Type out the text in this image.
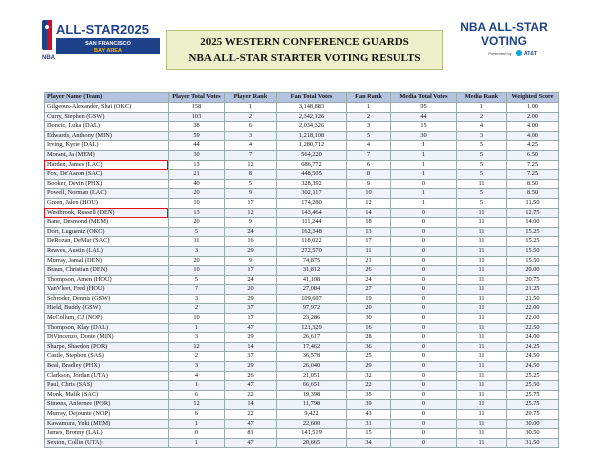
NBA
ALL-STAR 2025
SAN FRANCISCO
BAY AREA
2025 WESTERN CONFERENCE GUARDS
NBA ALL-STAR STARTER VOTING RESULTS
NBA ALL-STAR
VOTING
Presented by AT&T
Player Name (Team)	Player Total Votes	Player Rank	Fan Total Votes	Fan Rank	Media Total Votes	Media Rank	Weighted Score
Gilgeous-Alexander, Shai (OKC)	158	1	3,148,883	1	95	1	1.00
Curry, Stephen (GSW)	103	2	2,342,126	2	44	2	2.00
Doncic, Luka (DAL)	38	6	2,034,326	3	15	4	4.00
Edwards, Anthony (MIN)	59	3	1,218,108	5	30	3	4.00
Irving, Kyrie (DAL)	44	4	1,280,712	4	1	5	4.25
Morant, Ja (MEM)	30	7	564,220	7	1	5	6.50
Harden, James (LAC)	13	12	686,772	6	1	5	7.25
Fox, De'Aaron (SAC)	21	8	448,505	8	1	5	7.25
Booker, Devin (PHX)	40	5	328,392	9	0	11	8.50
Powell, Norman (LAC)	20	9	302,117	10	1	5	8.50
Green, Jalen (HOU)	10	17	174,280	12	1	5	11.50
Westbrook, Russell (DEN)	13	12	143,464	14	0	11	12.75
Bane, Desmond (MEM)	20	9	111,244	18	0	11	14.00
Dort, Luguentz (OKC)	5	24	162,348	13	0	11	15.25
DeRozan, DeMar (SAC)	11	16	118,022	17	0	11	15.25
Reaves, Austin (LAL)	3	29	272,570	11	0	11	15.50
Murray, Jamal (DEN)	20	9	74,875	21	0	11	15.50
Braun, Christian (DEN)	10	17	31,812	26	0	11	20.00
Thompson, Amen (HOU)	5	24	41,108	24	0	11	20.75
VanVleet, Fred (HOU)	7	20	27,084	27	0	11	21.25
Schroder, Dennis (GSW)	3	29	109,607	19	0	11	21.50
Hield, Buddy (GSW)	2	37	97,972	20	0	11	22.00
McCollum, CJ (NOP)	10	17	23,286	30	0	11	22.00
Thompson, Klay (DAL)	1	47	121,329	16	0	11	22.50
DiVincenzo, Donte (MIN)	3	29	26,617	28	0	11	24.00
Sharpe, Shaedon (POR)	12	14	17,462	36	0	11	24.25
Castle, Stephon (SAS)	2	37	36,578	25	0	11	24.50
Beal, Bradley (PHX)	3	29	26,040	29	0	11	24.50
Clarkson, Jordan (UTA)	4	26	21,051	32	0	11	25.25
Paul, Chris (SAS)	1	47	66,651	22	0	11	25.50
Monk, Malik (SAC)	6	22	19,398	35	0	11	25.75
Simons, Anfernee (POR)	12	14	11,798	39	0	11	25.75
Murray, Dejounte (NOP)	6	22	9,422	43	0	11	29.75
Kawamura, Yuki (MEM)	1	47	22,600	31	0	11	30.00
James, Bronny (LAL)	0	81	141,519	15	0	11	30.50
Sexton, Collin (UTA)	1	47	20,665	34	0	11	31.50
